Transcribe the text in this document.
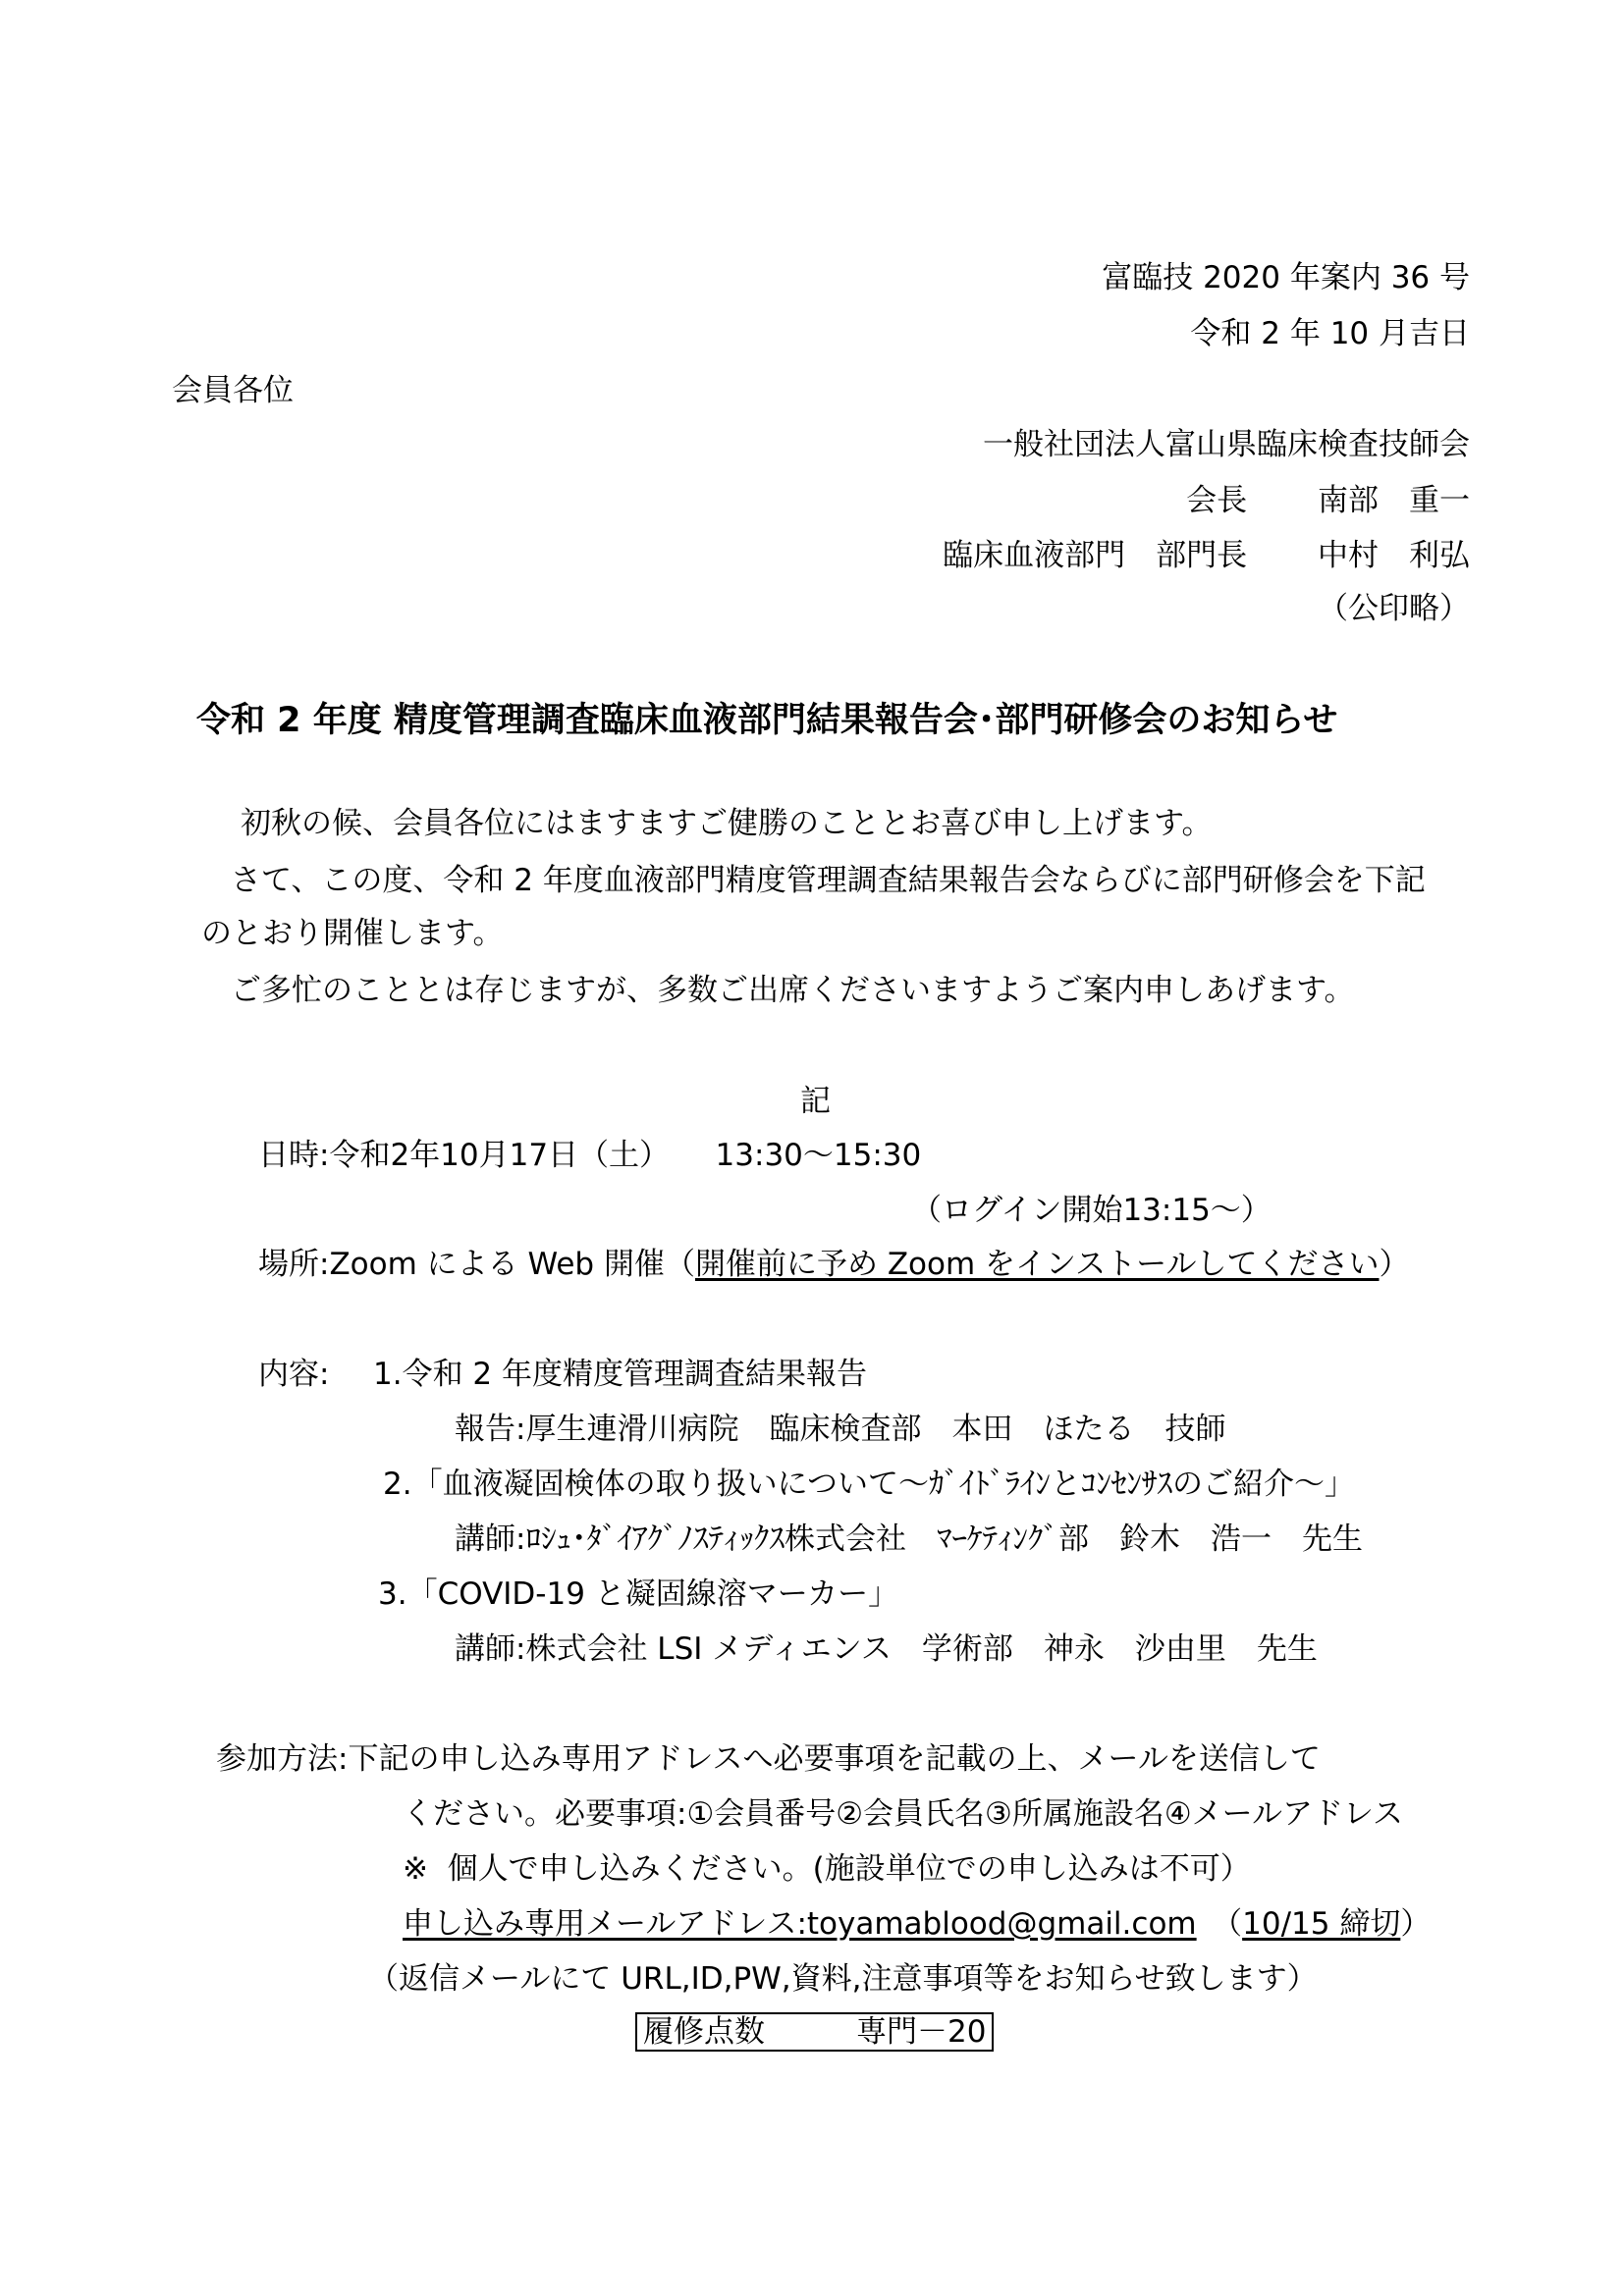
富臨技 2020 年案内 36 号
令和 2 年 10 月吉日
会員各位
一般社団法人富山県臨床検査技師会
会長　　 南部　重一
臨床血液部門　部門長　　 中村　利弘
（公印略）
令和 2 年度 精度管理調査臨床血液部門結果報告会･部門研修会のお知らせ
初秋の候、会員各位にはますますご健勝のこととお喜び申し上げます。
さて、この度、令和 2 年度血液部門精度管理調査結果報告会ならびに部門研修会を下記
のとおり開催します。
ご多忙のこととは存じますが、多数ご出席くださいますようご案内申しあげます。
記
日時:令和2年10月17日（土）　　13:30～15:30
（ログイン開始13:15～）
場所:Zoom による Web 開催（開催前に予め Zoom をインストールしてください）
内容: 1.令和 2 年度精度管理調査結果報告
報告:厚生連滑川病院　臨床検査部　本田　ほたる　技師
2.「血液凝固検体の取り扱いについて～ｶﾞｲﾄﾞﾗｲﾝとｺﾝｾﾝｻｽのご紹介～」
講師:ﾛｼｭ･ﾀﾞｲｱｸﾞﾉｽﾃｨｯｸｽ株式会社　ﾏｰｹﾃｨﾝｸﾞ部　鈴木　浩一　先生
3.「COVID-19 と凝固線溶マーカー」
講師:株式会社 LSI メディエンス　学術部　神永　沙由里　先生
参加方法:下記の申し込み専用アドレスへ必要事項を記載の上、メールを送信して
ください。必要事項:①会員番号②会員氏名③所属施設名④メールアドレス
※  個人で申し込みください。(施設単位での申し込みは不可）
申し込み専用メールアドレス:toyamablood@gmail.com　 （10/15 締切）
（返信メールにて URL,ID,PW,資料,注意事項等をお知らせ致します）
履修点数　　　専門－20
